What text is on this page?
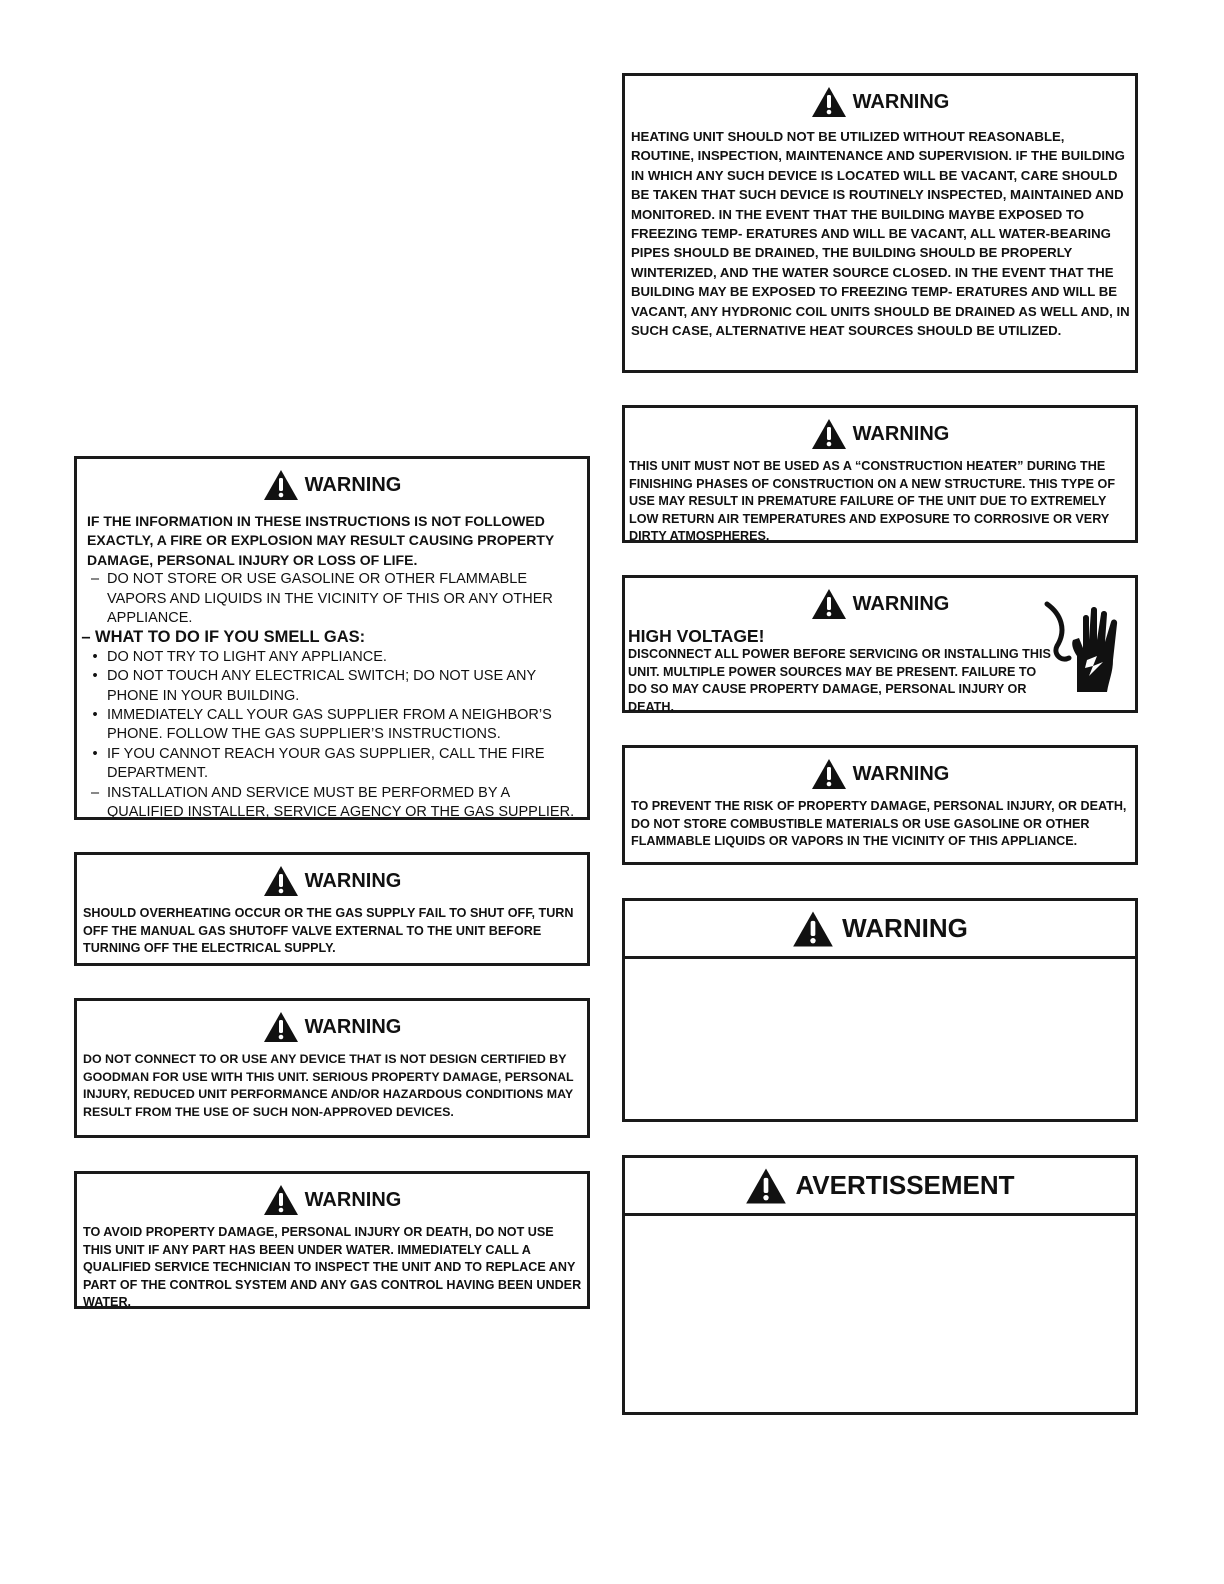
WARNING
HEATING UNIT SHOULD NOT BE UTILIZED WITHOUT REASONABLE, ROUTINE, INSPECTION, MAINTENANCE AND SUPERVISION. IF THE BUILDING IN WHICH ANY SUCH DEVICE IS LOCATED WILL BE VACANT, CARE SHOULD BE TAKEN THAT SUCH DEVICE IS ROUTINELY INSPECTED, MAINTAINED AND MONITORED. IN THE EVENT THAT THE BUILDING MAYBE EXPOSED TO FREEZING TEMP- ERATURES AND WILL BE VACANT, ALL WATER-BEARING PIPES SHOULD BE DRAINED, THE BUILDING SHOULD BE PROPERLY WINTERIZED, AND THE WATER SOURCE CLOSED. IN THE EVENT THAT THE BUILDING MAY BE EXPOSED TO FREEZING TEMP- ERATURES AND WILL BE VACANT, ANY HYDRONIC COIL UNITS SHOULD BE DRAINED AS WELL AND, IN SUCH CASE, ALTERNATIVE HEAT SOURCES SHOULD BE UTILIZED.
WARNING
THIS UNIT MUST NOT BE USED AS A “CONSTRUCTION HEATER” DURING THE FINISHING PHASES OF CONSTRUCTION ON A NEW STRUCTURE. THIS TYPE OF USE MAY RESULT IN PREMATURE FAILURE OF THE UNIT DUE TO EXTREMELY LOW RETURN AIR TEMPERATURES AND EXPOSURE TO CORROSIVE OR VERY DIRTY ATMOSPHERES.
WARNING
HIGH VOLTAGE!
DISCONNECT ALL POWER BEFORE SERVICING OR INSTALLING THIS UNIT. MULTIPLE POWER SOURCES MAY BE PRESENT. FAILURE TO DO SO MAY CAUSE PROPERTY DAMAGE, PERSONAL INJURY OR DEATH.
WARNING
TO PREVENT THE RISK OF PROPERTY DAMAGE, PERSONAL INJURY, OR DEATH, DO NOT STORE COMBUSTIBLE MATERIALS OR USE GASOLINE OR OTHER FLAMMABLE LIQUIDS OR VAPORS IN THE VICINITY OF THIS APPLIANCE.
WARNING
AVERTISSEMENT
WARNING
IF THE INFORMATION IN THESE INSTRUCTIONS IS NOT FOLLOWED EXACTLY, A FIRE OR EXPLOSION MAY RESULT CAUSING PROPERTY DAMAGE, PERSONAL INJURY OR LOSS OF LIFE.
– DO NOT STORE OR USE GASOLINE OR OTHER FLAMMABLE VAPORS AND LIQUIDS IN THE VICINITY OF THIS OR ANY OTHER APPLIANCE.
– WHAT TO DO IF YOU SMELL GAS:
• DO NOT TRY TO LIGHT ANY APPLIANCE.
• DO NOT TOUCH ANY ELECTRICAL SWITCH; DO NOT USE ANY PHONE IN YOUR BUILDING.
• IMMEDIATELY CALL YOUR GAS SUPPLIER FROM A NEIGHBOR’S PHONE. FOLLOW THE GAS SUPPLIER’S INSTRUCTIONS.
• IF YOU CANNOT REACH YOUR GAS SUPPLIER, CALL THE FIRE DEPARTMENT.
– INSTALLATION AND SERVICE MUST BE PERFORMED BY A QUALIFIED INSTALLER, SERVICE AGENCY OR THE GAS SUPPLIER.
WARNING
SHOULD OVERHEATING OCCUR OR THE GAS SUPPLY FAIL TO SHUT OFF, TURN OFF THE MANUAL GAS SHUTOFF VALVE EXTERNAL TO THE UNIT BEFORE TURNING OFF THE ELECTRICAL SUPPLY.
WARNING
DO NOT CONNECT TO OR USE ANY DEVICE THAT IS NOT DESIGN CERTIFIED BY GOODMAN FOR USE WITH THIS UNIT. SERIOUS PROPERTY DAMAGE, PERSONAL INJURY, REDUCED UNIT PERFORMANCE AND/OR HAZARDOUS CONDITIONS MAY RESULT FROM THE USE OF SUCH NON-APPROVED DEVICES.
WARNING
TO AVOID PROPERTY DAMAGE, PERSONAL INJURY OR DEATH, DO NOT USE THIS UNIT IF ANY PART HAS BEEN UNDER WATER. IMMEDIATELY CALL A QUALIFIED SERVICE TECHNICIAN TO INSPECT THE UNIT AND TO REPLACE ANY PART OF THE CONTROL SYSTEM AND ANY GAS CONTROL HAVING BEEN UNDER WATER.
